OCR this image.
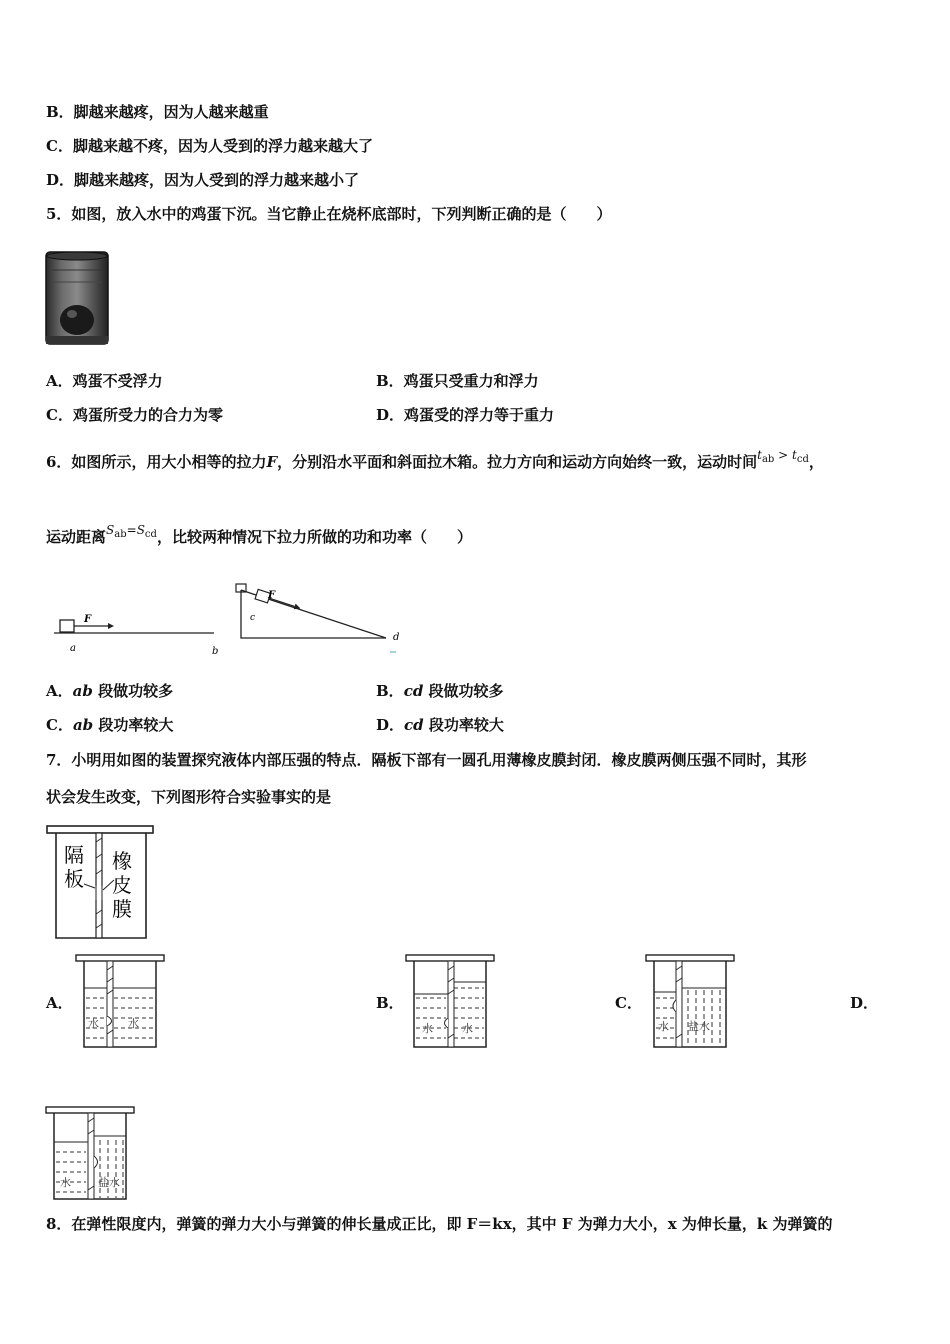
B．脚越来越疼，因为人越来越重
C．脚越来越不疼，因为人受到的浮力越来越大了
D．脚越来越疼，因为人受到的浮力越来越小了
5．如图，放入水中的鸡蛋下沉。当它静止在烧杯底部时，下列判断正确的是（　　）
A．鸡蛋不受浮力	B．鸡蛋只受重力和浮力
C．鸡蛋所受力的合力为零	D．鸡蛋受的浮力等于重力
6．如图所示，用大小相等的拉力F，分别沿水平面和斜面拉木箱。拉力方向和运动方向始终一致，运动时间$^{t_{ab} > t_{cd}}$，
运动距离$^{S_{ab}=S_{cd}}$，比较两种情况下拉力所做的功和功率（　　）
F
a	b
F
c
d
A．ab 段做功较多	B．cd 段做功较多
C．ab 段功率较大	D．cd 段功率较大
7．小明用如图的装置探究液体内部压强的特点．隔板下部有一圆孔用薄橡皮膜封闭．橡皮膜两侧压强不同时，其形
状会发生改变，下列图形符合实验事实的是
隔
板
橡
皮
膜
A．
水	水
B．
水	水
C．
水 盐水
D．
水 盐水
8．在弹性限度内，弹簧的弹力大小与弹簧的伸长量成正比，即 F＝kx，其中 F 为弹力大小，x 为伸长量，k 为弹簧的
